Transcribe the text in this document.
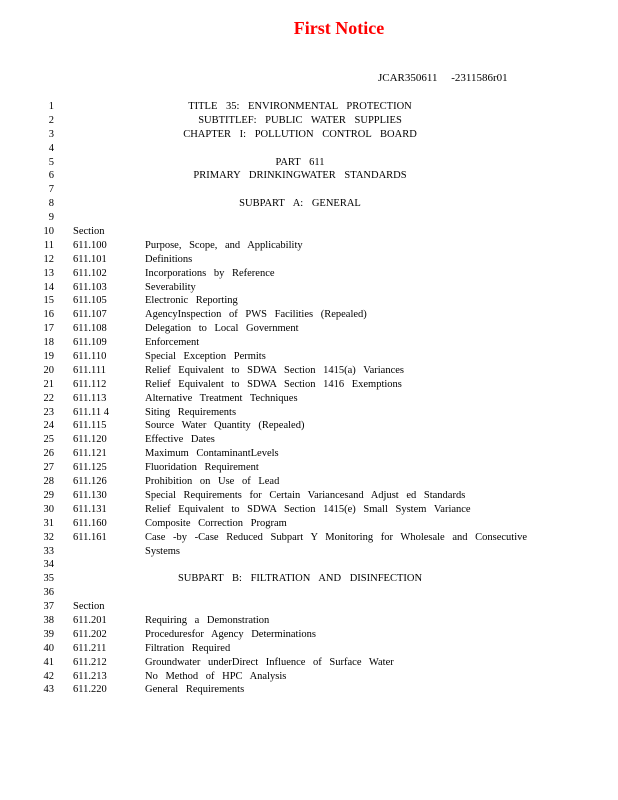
First Notice
JCAR350611     -2311586r01
1	TITLE 35: ENVIRONMENTAL PROTECTION
2	SUBTITLEF: PUBLIC WATER SUPPLIES
3	CHAPTER I: POLLUTION CONTROL BOARD
4
5	PART 611
6	PRIMARY DRINKINGWATER STANDARDS
7
8	SUBPART A: GENERAL
9
10 Section
11 611.100	Purpose, Scope, and Applicability
12 611.101	Definitions
13 611.102	Incorporations by Reference
14 611.103	Severability
15 611.105	Electronic Reporting
16 611.107	AgencyInspection of PWS Facilities (Repealed)
17 611.108	Delegation to Local Government
18 611.109	Enforcement
19 611.110	Special Exception Permits
20 611.111	Relief Equivalent to SDWA Section 1415(a) Variances
21 611.112	Relief Equivalent to SDWA Section 1416 Exemptions
22 611.113	Alternative Treatment Techniques
23 611.11 4	Siting Requirements
24 611.115	Source Water Quantity (Repealed)
25 611.120	Effective Dates
26 611.121	Maximum ContaminantLevels
27 611.125	Fluoridation Requirement
28 611.126	Prohibition on Use of Lead
29 611.130	Special Requirements for Certain Variancesand Adjust ed Standards
30 611.131	Relief Equivalent to SDWA Section 1415(e) Small System Variance
31 611.160	Composite Correction Program
32 611.161	Case -by -Case Reduced Subpart Y Monitoring for Wholesale and Consecutive
33	Systems
34
35	SUBPART B: FILTRATION AND DISINFECTION
36
37 Section
38 611.201	Requiring a Demonstration
39 611.202	Proceduresfor Agency Determinations
40 611.211	Filtration Required
41 611.212	Groundwater underDirect Influence of Surface Water
42 611.213	No Method of HPC Analysis
43 611.220	General Requirements
